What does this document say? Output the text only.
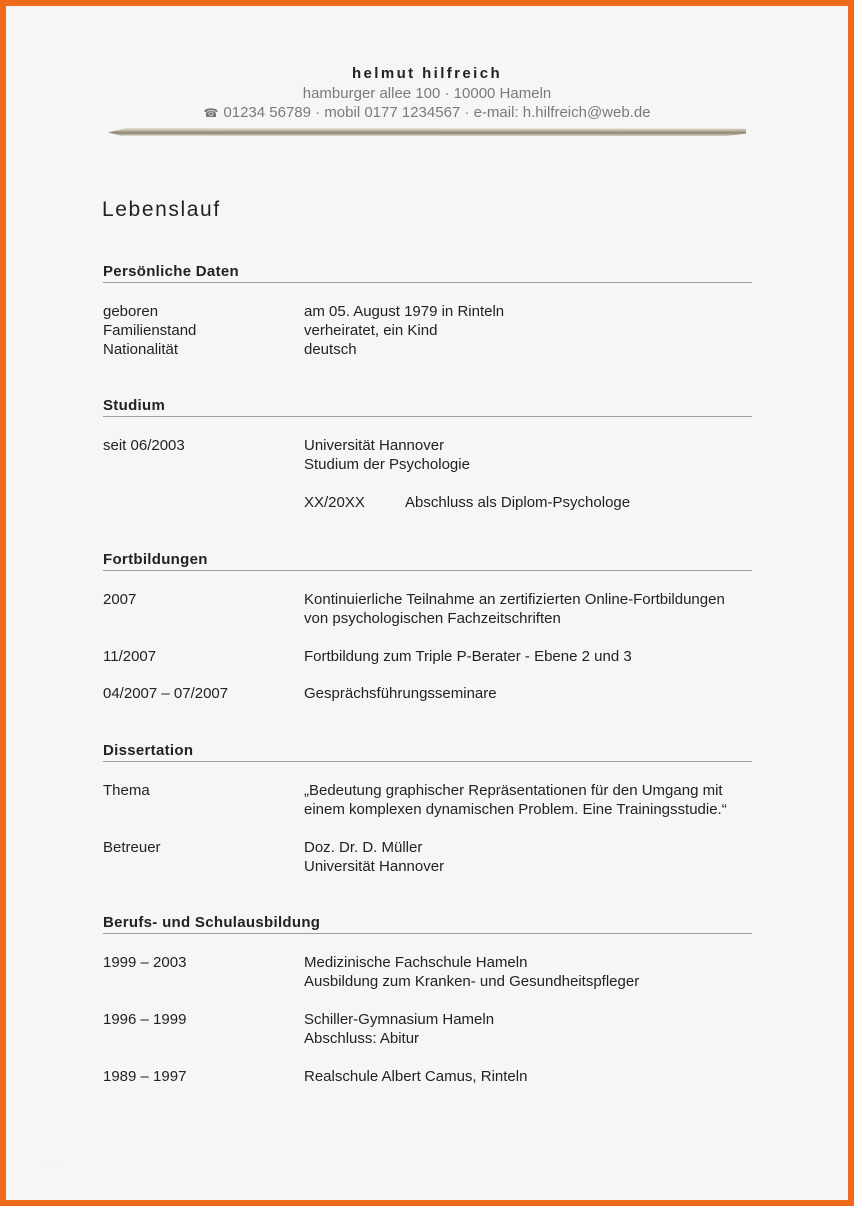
helmut hilfreich
hamburger allee 100 · 10000 Hameln
☎ 01234 56789 · mobil 0177 1234567 · e-mail: h.hilfreich@web.de
Lebenslauf
Persönliche Daten
geboren	am 05. August 1979 in Rinteln
Familienstand	verheiratet, ein Kind
Nationalität	deutsch
Studium
seit 06/2003	Universität Hannover
Studium der Psychologie
XX/20XX	Abschluss als Diplom-Psychologe
Fortbildungen
2007	Kontinuierliche Teilnahme an zertifizierten Online-Fortbildungen
von psychologischen Fachzeitschriften
11/2007	Fortbildung zum Triple P-Berater - Ebene 2 und 3
04/2007 – 07/2007	Gesprächsführungsseminare
Dissertation
Thema	„Bedeutung graphischer Repräsentationen für den Umgang mit
einem komplexen dynamischen Problem. Eine Trainingsstudie.“
Betreuer	Doz. Dr. D. Müller
Universität Hannover
Berufs- und Schulausbildung
1999 – 2003	Medizinische Fachschule Hameln
Ausbildung zum Kranken- und Gesundheitspfleger
1996 – 1999	Schiller-Gymnasium Hameln
Abschluss: Abitur
1989 – 1997	Realschule Albert Camus, Rinteln
··· ···
